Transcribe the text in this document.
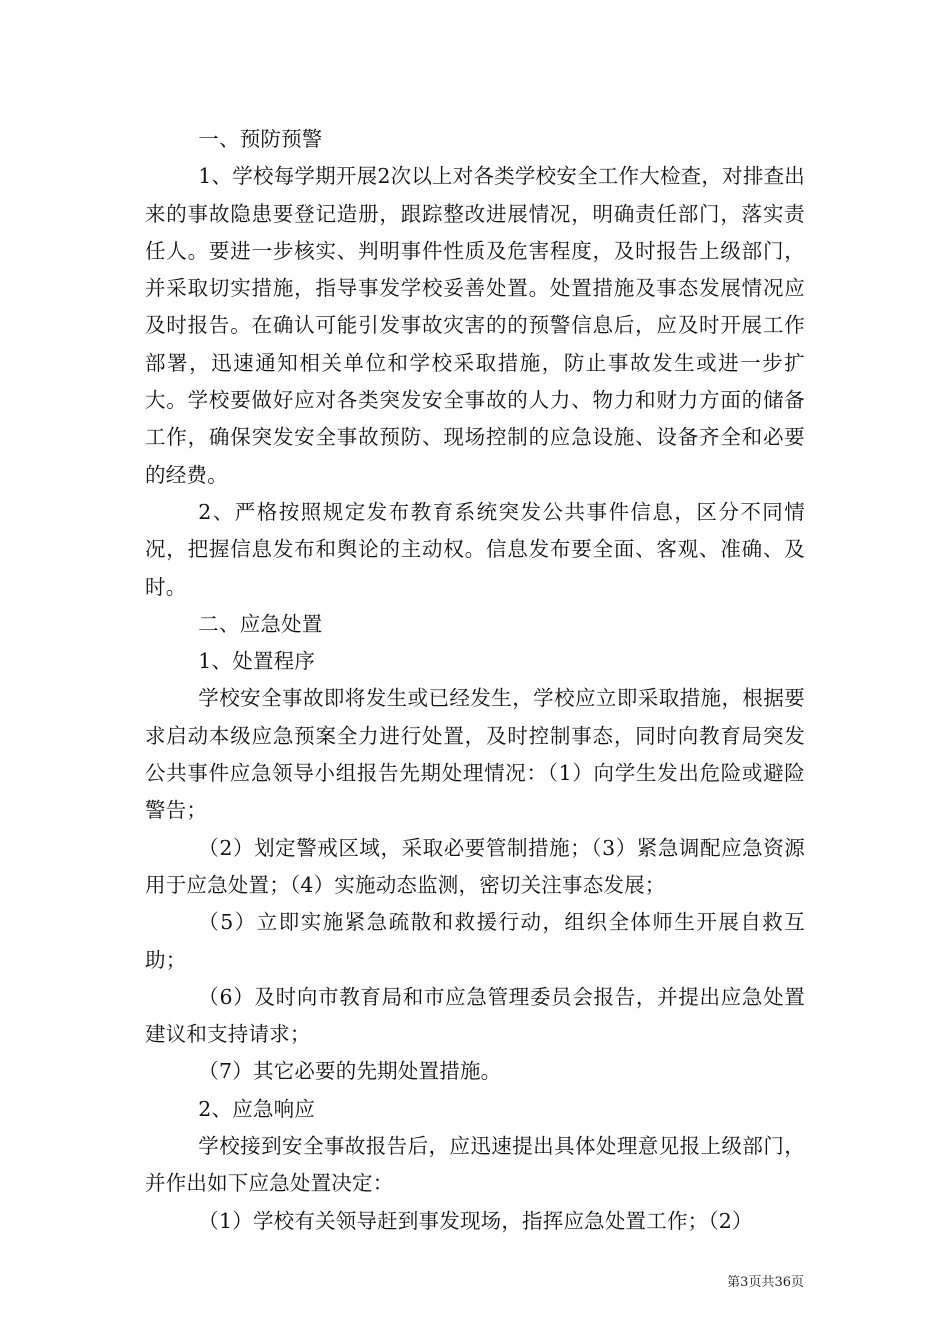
一、预防预警

1、学校每学期开展2次以上对各类学校安全工作大检查，对排查出来的事故隐患要登记造册，跟踪整改进展情况，明确责任部门，落实责任人。要进一步核实、判明事件性质及危害程度，及时报告上级部门，并采取切实措施，指导事发学校妥善处置。处置措施及事态发展情况应及时报告。在确认可能引发事故灾害的的预警信息后，应及时开展工作部署，迅速通知相关单位和学校采取措施，防止事故发生或进一步扩大。学校要做好应对各类突发安全事故的人力、物力和财力方面的储备工作，确保突发安全事故预防、现场控制的应急设施、设备齐全和必要的经费。

2、严格按照规定发布教育系统突发公共事件信息，区分不同情况，把握信息发布和舆论的主动权。信息发布要全面、客观、准确、及时。

二、应急处置

1、处置程序

学校安全事故即将发生或已经发生，学校应立即采取措施，根据要求启动本级应急预案全力进行处置，及时控制事态，同时向教育局突发公共事件应急领导小组报告先期处理情况：（1）向学生发出危险或避险警告；

（2）划定警戒区域，采取必要管制措施；（3）紧急调配应急资源用于应急处置；（4）实施动态监测，密切关注事态发展；

（5）立即实施紧急疏散和救援行动，组织全体师生开展自救互助；

（6）及时向市教育局和市应急管理委员会报告，并提出应急处置建议和支持请求；

（7）其它必要的先期处置措施。

2、应急响应

学校接到安全事故报告后，应迅速提出具体处理意见报上级部门，并作出如下应急处置决定：

（1）学校有关领导赶到事发现场，指挥应急处置工作；（2）

第3页共36页
